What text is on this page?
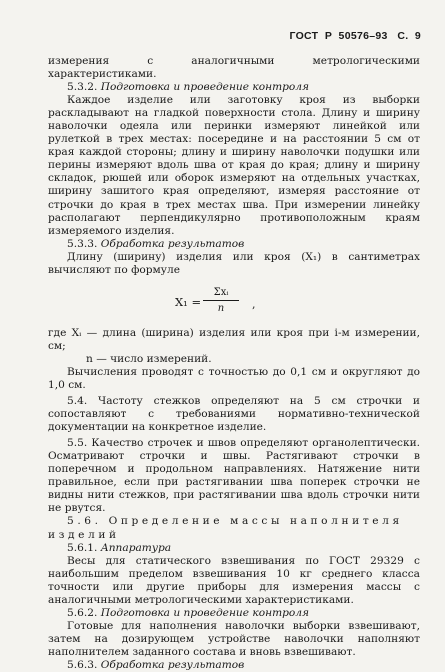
ГОСТ  Р  50576–93   С.  9
измерения с аналогичными метрологическими характеристиками.
5.3.2. Подготовка и проведение контроля
Каждое изделие или заготовку кроя из выборки раскладывают на гладкой поверхности стола. Длину и ширину наволочки одеяла или перинки измеряют линейкой или рулеткой в трех местах: посередине и на расстоянии 5 см от края каждой стороны; длину и ширину наволочки подушки или перины измеряют вдоль шва от края до края; длину и ширину складок, рюшей или оборок измеряют на отдельных участках, ширину зашитого края определяют, измеряя расстояние от строчки до края в трех местах шва. При измерении линейку располагают перпендикулярно противоположным краям измеряемого изделия.
5.3.3. Обработка результатов
Длину (ширину) изделия или кроя (X₁) в сантиметрах вычисляют по формуле
X₁ =
Σxᵢ
n	,
где Xᵢ — длина (ширина) изделия или кроя при i-м измерении, см;
n — число измерений.
Вычисления проводят с точностью до 0,1 см и округляют до 1,0 см.
5.4. Частоту стежков определяют на 5 см строчки и сопоставляют с требованиями нормативно-технической документации на конкретное изделие.
5.5. Качество строчек и швов определяют органолептически. Осматривают строчки и швы. Растягивают строчки в поперечном и продольном направлениях. Натяжение нити правильное, если при растягивании шва поперек строчки не видны нити стежков, при растягивании шва вдоль строчки нити не рвутся.
5.6. Определение массы наполнителя изделий
5.6.1. Аппаратура
Весы для статического взвешивания по ГОСТ 29329 с наибольшим пределом взвешивания 10 кг среднего класса точности или другие приборы для измерения массы с аналогичными метрологическими характеристиками.
5.6.2. Подготовка и проведение контроля
Готовые для наполнения наволочки выборки взвешивают, затем на дозирующем устройстве наволочки наполняют наполнителем заданного состава и вновь взвешивают.
5.6.3. Обработка результатов
